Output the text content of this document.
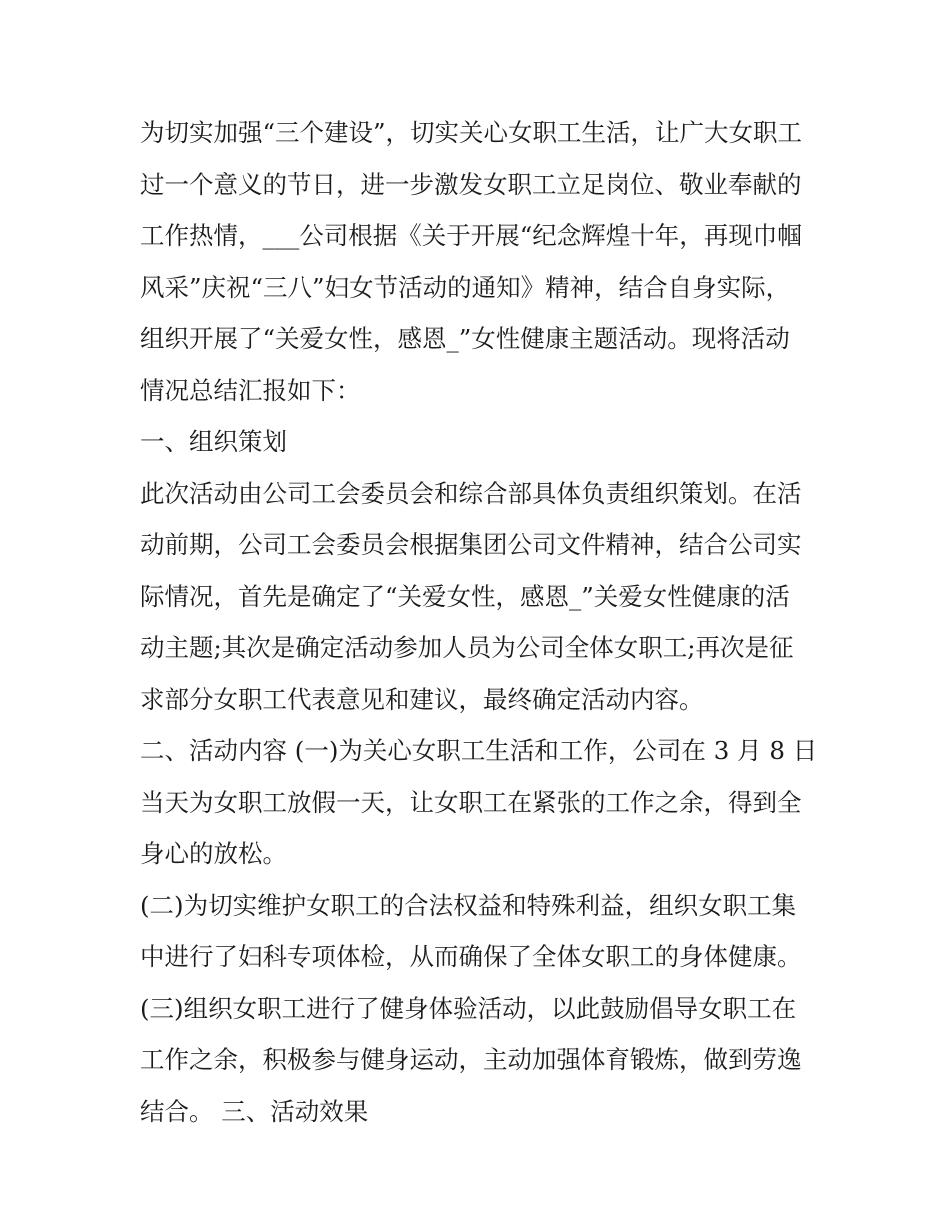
为切实加强“三个建设”，切实关心女职工生活，让广大女职工
过一个意义的节日，进一步激发女职工立足岗位、敬业奉献的
工作热情，___公司根据《关于开展“纪念辉煌十年，再现巾帼
风采”庆祝“三八”妇女节活动的通知》精神，结合自身实际，
组织开展了“关爱女性，感恩_”女性健康主题活动。现将活动
情况总结汇报如下：
一、组织策划
此次活动由公司工会委员会和综合部具体负责组织策划。在活
动前期，公司工会委员会根据集团公司文件精神，结合公司实
际情况，首先是确定了“关爱女性，感恩_”关爱女性健康的活
动主题;其次是确定活动参加人员为公司全体女职工;再次是征
求部分女职工代表意见和建议，最终确定活动内容。
二、活动内容 (一)为关心女职工生活和工作，公司在 3 月 8 日
当天为女职工放假一天，让女职工在紧张的工作之余，得到全
身心的放松。
(二)为切实维护女职工的合法权益和特殊利益，组织女职工集
中进行了妇科专项体检，从而确保了全体女职工的身体健康。
(三)组织女职工进行了健身体验活动，以此鼓励倡导女职工在
工作之余，积极参与健身运动，主动加强体育锻炼，做到劳逸
结合。 三、活动效果
